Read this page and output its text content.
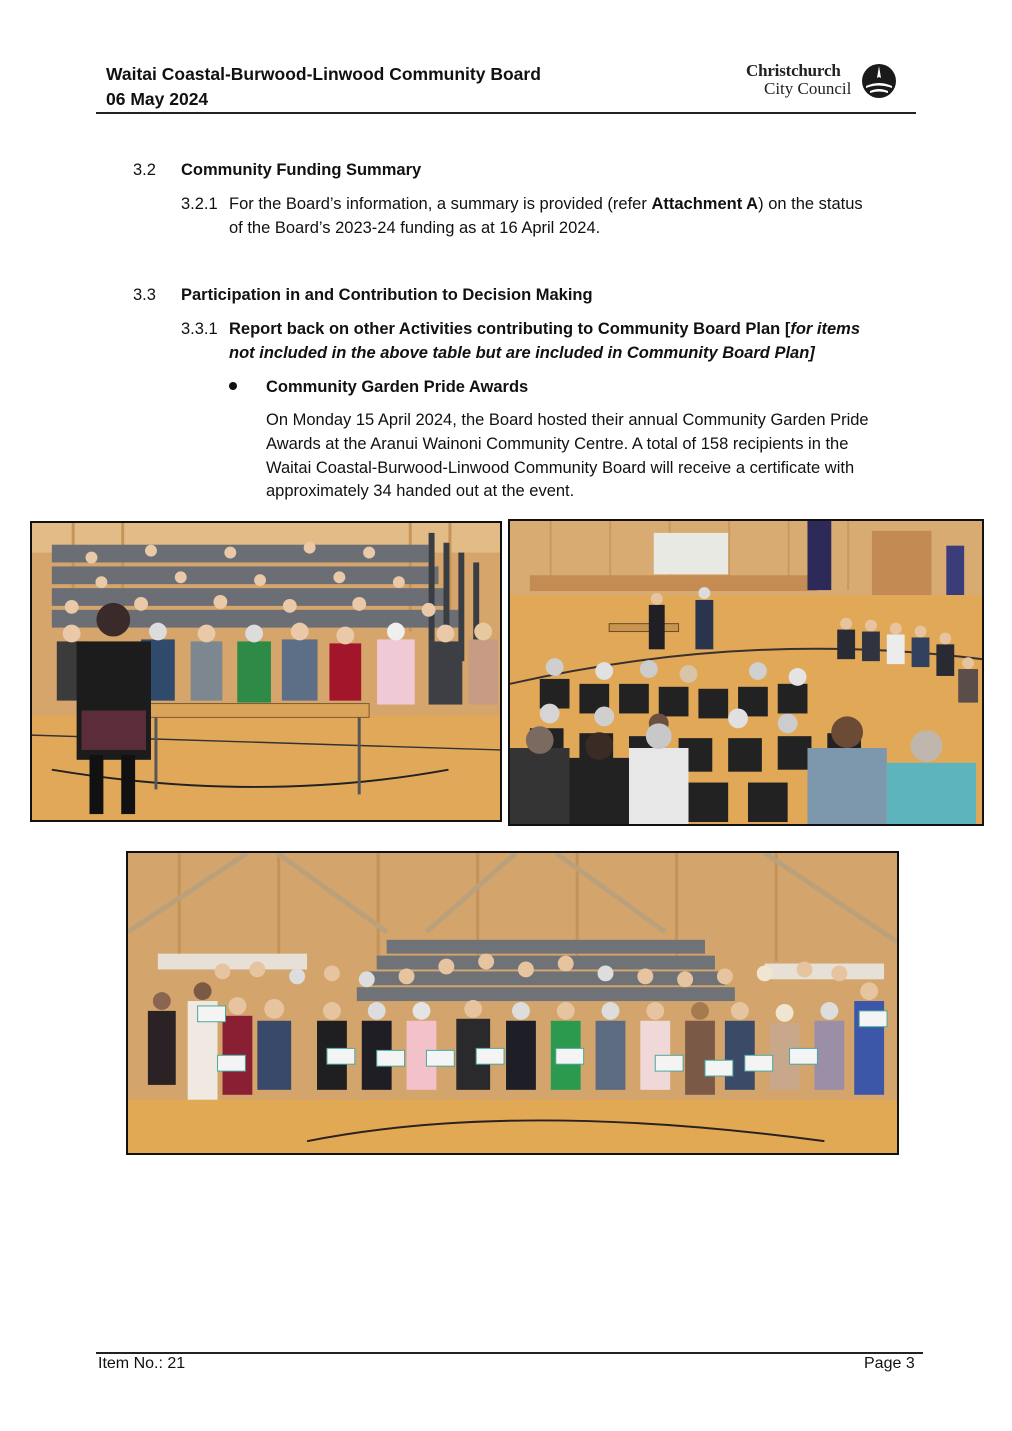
Waitai Coastal-Burwood-Linwood Community Board
06 May 2024
Christchurch
City Council
3.2 Community Funding Summary
3.2.1 For the Board’s information, a summary is provided (refer Attachment A) on the status
of the Board’s 2023-24 funding as at 16 April 2024.
3.3 Participation in and Contribution to Decision Making
3.3.1 Report back on other Activities contributing to Community Board Plan [for items
not included in the above table but are included in Community Board Plan]
Community Garden Pride Awards
On Monday 15 April 2024, the Board hosted their annual Community Garden Pride
Awards at the Aranui Wainoni Community Centre. A total of 158 recipients in the
Waitai Coastal-Burwood-Linwood Community Board will receive a certificate with
approximately 34 handed out at the event.
Item No.: 21	Page 3
